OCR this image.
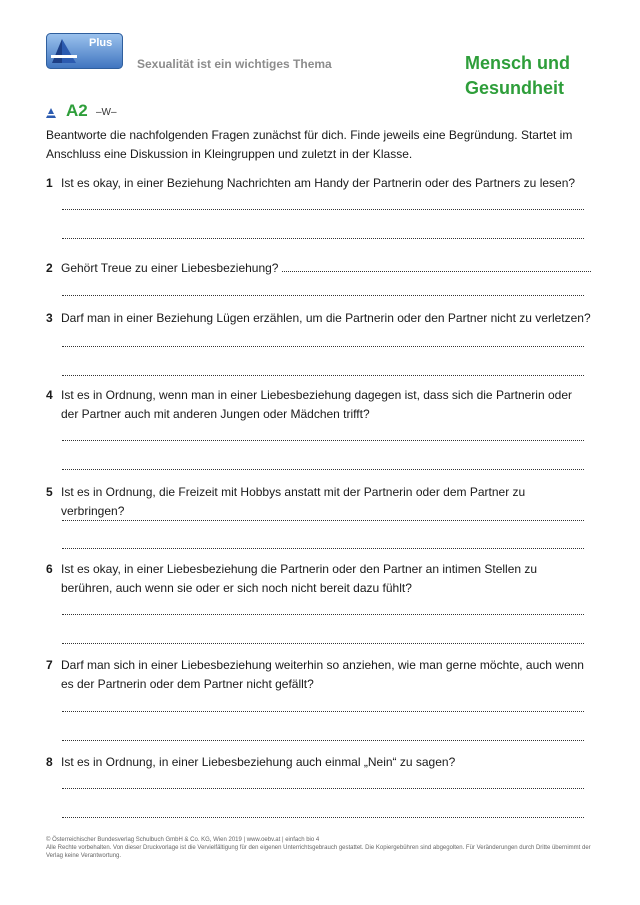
Plus
Sexualität ist ein wichtiges Thema	Mensch und
Gesundheit
A2 –W–
Beantworte die nachfolgenden Fragen zunächst für dich. Finde jeweils eine Begründung. Startet im Anschluss eine Diskussion in Kleingruppen und zuletzt in der Klasse.
1 Ist es okay, in einer Beziehung Nachrichten am Handy der Partnerin oder des Partners zu lesen?
2 Gehört Treue zu einer Liebesbeziehung?
3 Darf man in einer Beziehung Lügen erzählen, um die Partnerin oder den Partner nicht zu verletzen?
4 Ist es in Ordnung, wenn man in einer Liebesbeziehung dagegen ist, dass sich die Partnerin oder der Partner auch mit anderen Jungen oder Mädchen trifft?
5 Ist es in Ordnung, die Freizeit mit Hobbys anstatt mit der Partnerin oder dem Partner zu verbringen?
6 Ist es okay, in einer Liebesbeziehung die Partnerin oder den Partner an intimen Stellen zu berühren, auch wenn sie oder er sich noch nicht bereit dazu fühlt?
7 Darf man sich in einer Liebesbeziehung weiterhin so anziehen, wie man gerne möchte, auch wenn es der Partnerin oder dem Partner nicht gefällt?
8 Ist es in Ordnung, in einer Liebesbeziehung auch einmal „Nein“ zu sagen?
© Österreichischer Bundesverlag Schulbuch GmbH & Co. KG, Wien 2019 | www.oebv.at | einfach bio 4
Alle Rechte vorbehalten. Von dieser Druckvorlage ist die Vervielfältigung für den eigenen Unterrichtsgebrauch gestattet. Die Kopiergebühren sind abgegolten. Für Veränderungen durch Dritte übernimmt der Verlag keine Verantwortung.
